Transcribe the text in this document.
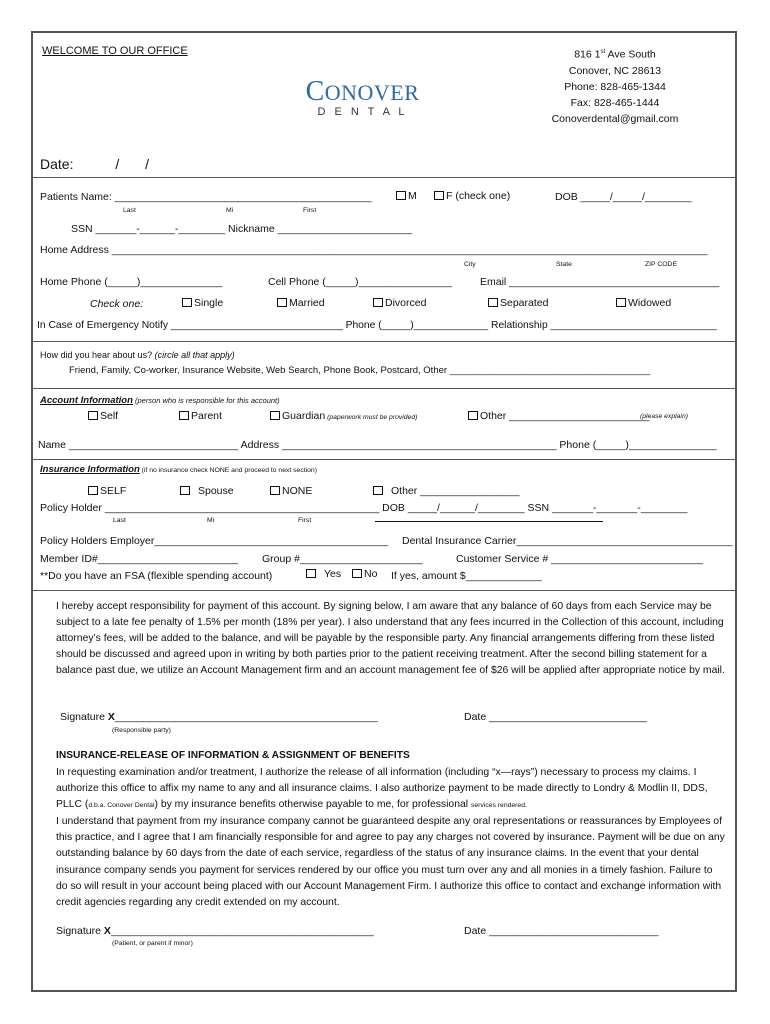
WELCOME TO OUR OFFICE	816 1st Ave South
Conover, NC 28613
Phone: 828-465-1344
Fax: 828-465-1444
Conoverdental@gmail.com
CONOVER
D E N T A L
Date:	/ /
Patients Name: ____________________________________________	M	F (check one)	DOB _____/_____/________
Last	Mi	First
SSN _______-______-________ Nickname _______________________
Home Address ______________________________________________________________________________________________________
City	State	ZIP CODE
Home Phone (_____)______________	Cell Phone (_____)________________	Email ____________________________________
Check one:	Single	Married	Divorced	Separated	Widowed
In Case of Emergency Notify ______________________________ Phone (_____)_____________ Relationship _____________________________
How did you hear about us? (circle all that apply)
Friend, Family, Co-worker, Insurance Website, Web Search, Phone Book, Postcard, Other ______________________________________
Account Information (person who is responsible for this account)
Self	Parent	Guardian (paperwork must be provided)	Other ________________________
(please explain)
Name _____________________________ Address _______________________________________________ Phone (_____)_______________
Insurance Information (if no insurance check NONE and proceed to next section)
SELF	Spouse	NONE	Other _________________
Policy Holder _______________________________________________ DOB _____/______/________ SSN _______-_______-________
Last	Mi	First
Policy Holders Employer________________________________________ Dental Insurance Carrier_____________________________________
Member ID#________________________ Group #_____________________	Customer Service # __________________________
**Do you have an FSA (flexible spending account)	Yes	No If yes, amount $_____________
I hereby accept responsibility for payment of this account. By signing below, I am aware that any balance of 60 days from each Service may be subject to a late fee penalty of 1.5% per month (18% per year). I also understand that any fees incurred in the Collection of this account, including attorney’s fees, will be added to the balance, and will be payable by the responsible party. Any financial arrangements differing from these listed should be discussed and agreed upon in writing by both parties prior to the patient receiving treatment. After the second billing statement for a balance past due, we utilize an Account Management firm and an account management fee of $26 will be applied after appropriate notice by mail.
Signature X_____________________________________________	Date ___________________________
(Responsible party)
INSURANCE-RELEASE OF INFORMATION & ASSIGNMENT OF BENEFITS
In requesting examination and/or treatment, I authorize the release of all information (including “x—rays”) necessary to process my claims. I authorize this office to affix my name to any and all insurance claims. I also authorize payment to be made directly to Londry & Modlin II, DDS, PLLC (d.b.a. Conover Dental) by my insurance benefits otherwise payable to me, for professional services rendered.
I understand that payment from my insurance company cannot be guaranteed despite any oral representations or reassurances by Employees of this practice, and I agree that I am financially responsible for and agree to pay any charges not covered by insurance. Payment will be due on any outstanding balance by 60 days from the date of each service, regardless of the status of any insurance claims. In the event that your dental insurance company sends you payment for services rendered by our office you must turn over any and all monies in a timely fashion. Failure to do so will result in your account being placed with our Account Management Firm. I authorize this office to contact and exchange information with credit agencies regarding any credit extended on my account.
Signature X_____________________________________________	Date _____________________________
(Patient, or parent if minor)
